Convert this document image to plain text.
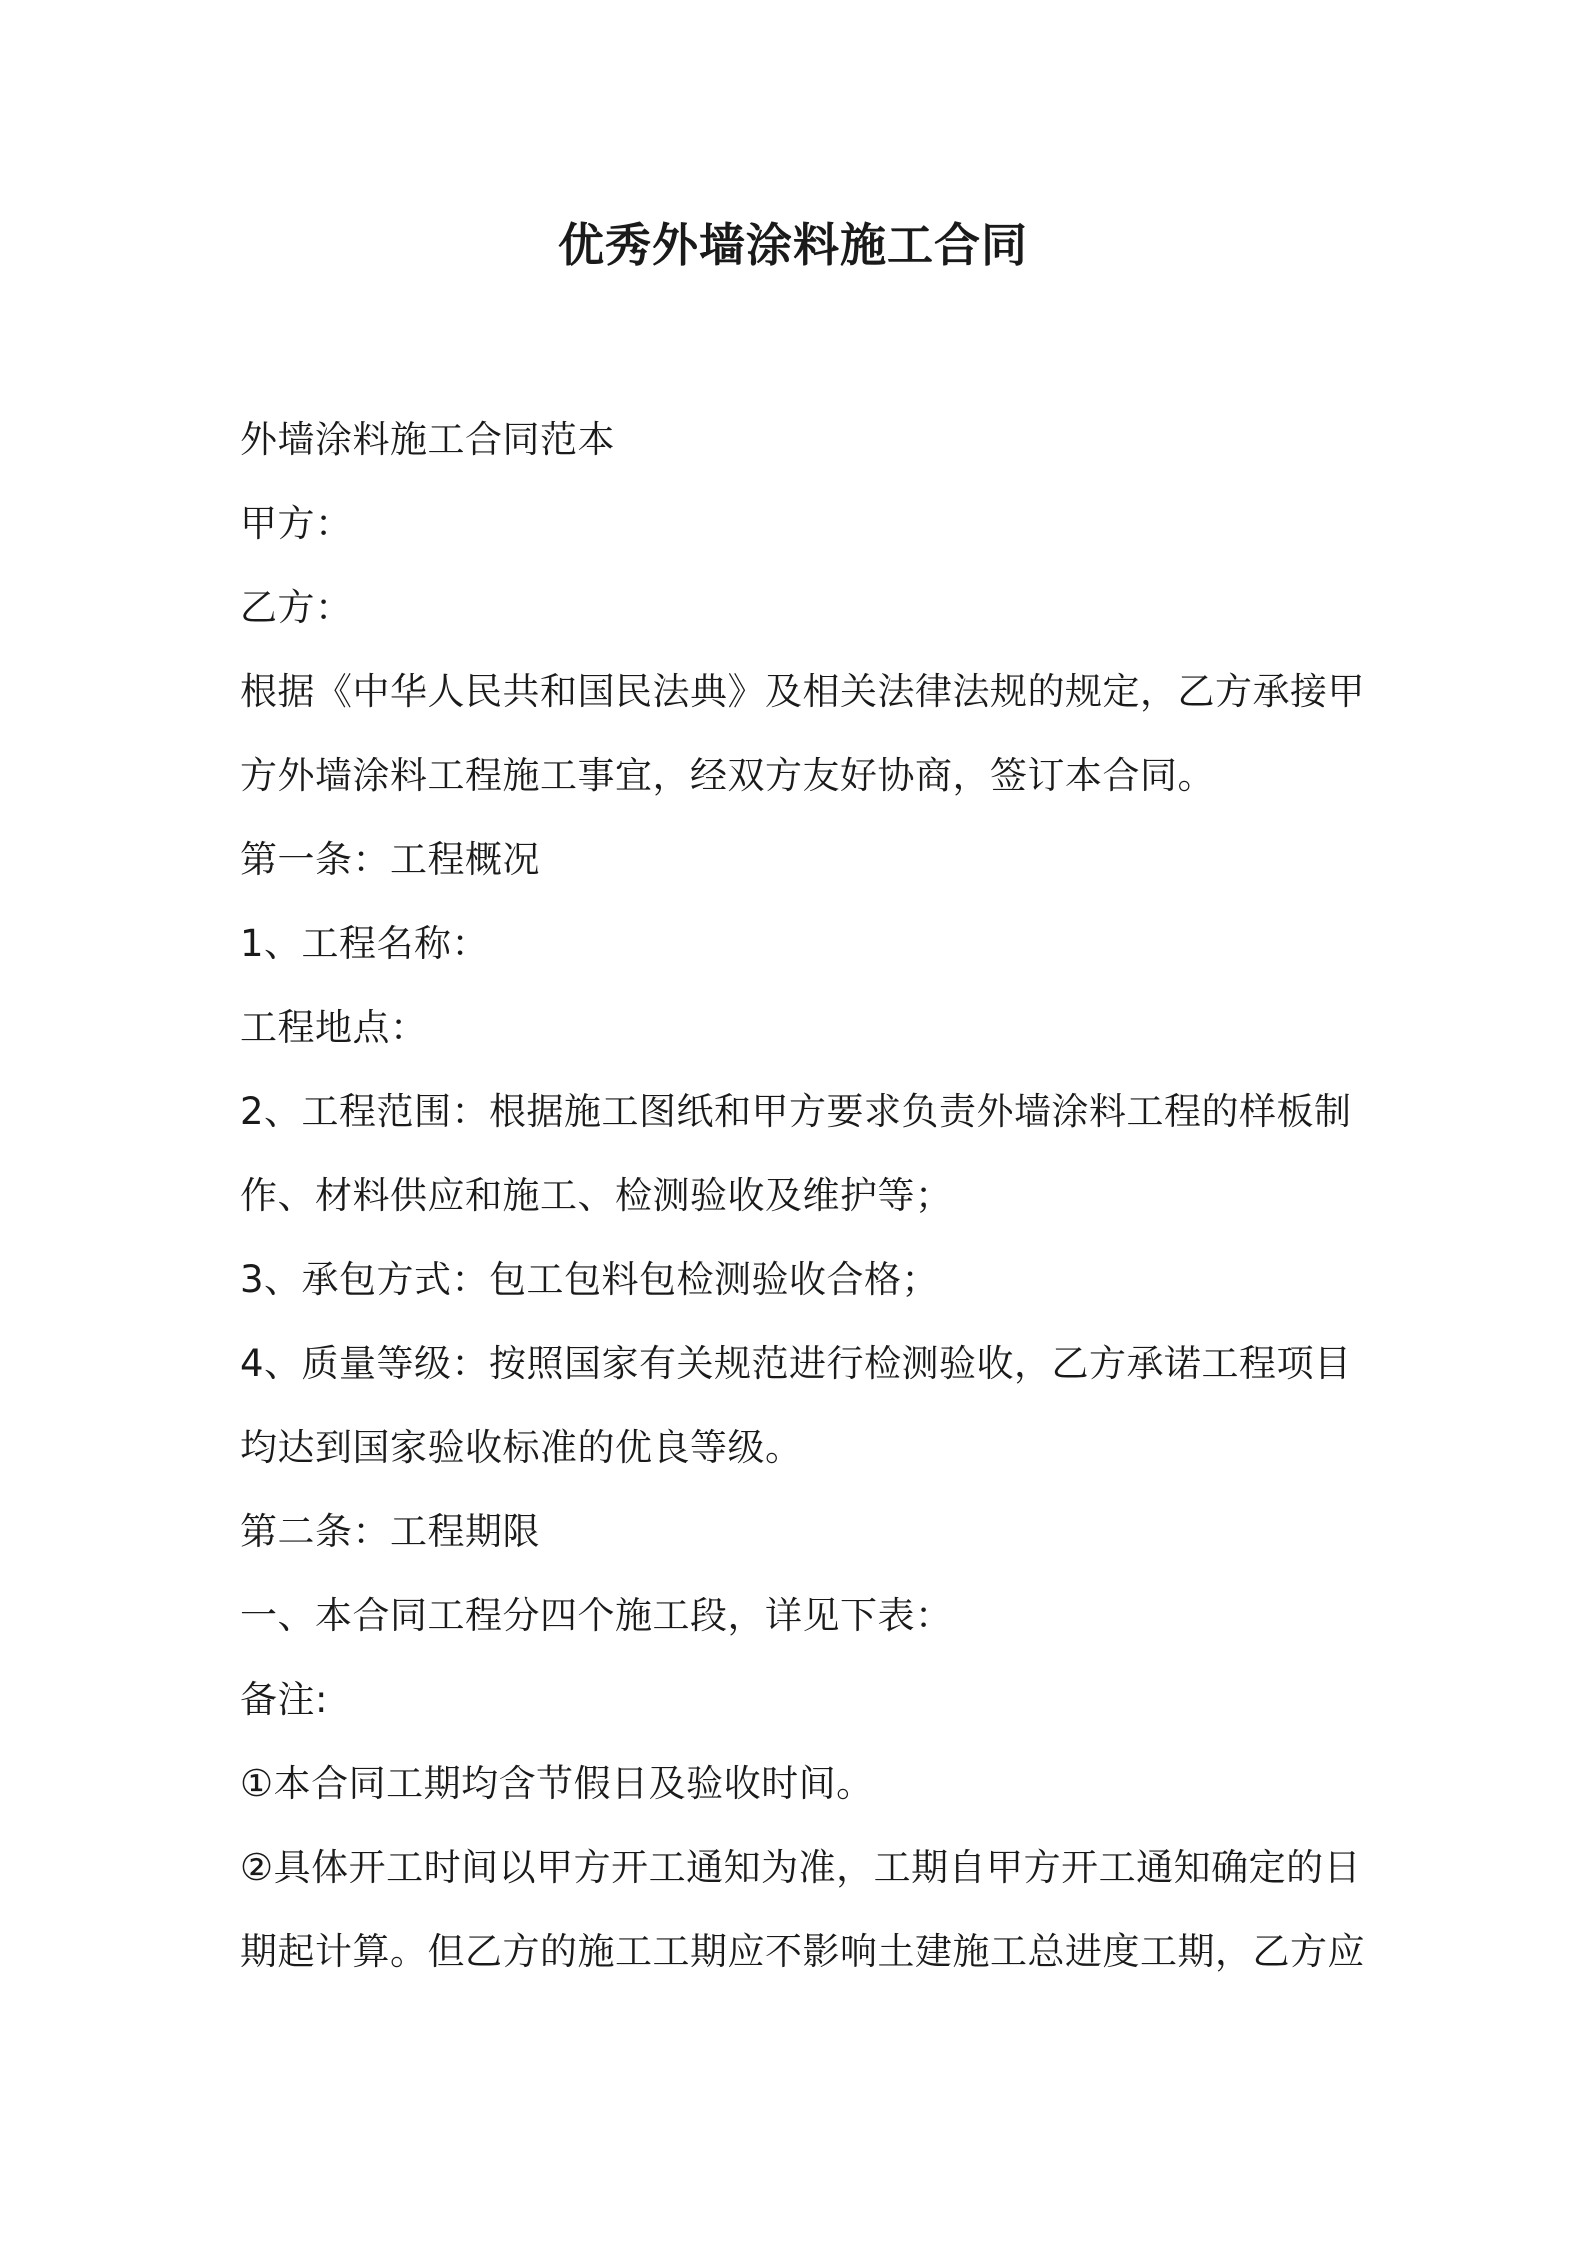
优秀外墙涂料施工合同

外墙涂料施工合同范本

甲方：

乙方：

根据《中华人民共和国民法典》及相关法律法规的规定，乙方承接甲

方外墙涂料工程施工事宜，经双方友好协商，签订本合同。

第一条：工程概况

1、工程名称：

工程地点：

2、工程范围：根据施工图纸和甲方要求负责外墙涂料工程的样板制

作、材料供应和施工、检测验收及维护等；

3、承包方式：包工包料包检测验收合格；

4、质量等级：按照国家有关规范进行检测验收，乙方承诺工程项目

均达到国家验收标准的优良等级。

第二条：工程期限

一、本合同工程分四个施工段，详见下表：

备注:

①本合同工期均含节假日及验收时间。

②具体开工时间以甲方开工通知为准，工期自甲方开工通知确定的日

期起计算。但乙方的施工工期应不影响土建施工总进度工期，乙方应
